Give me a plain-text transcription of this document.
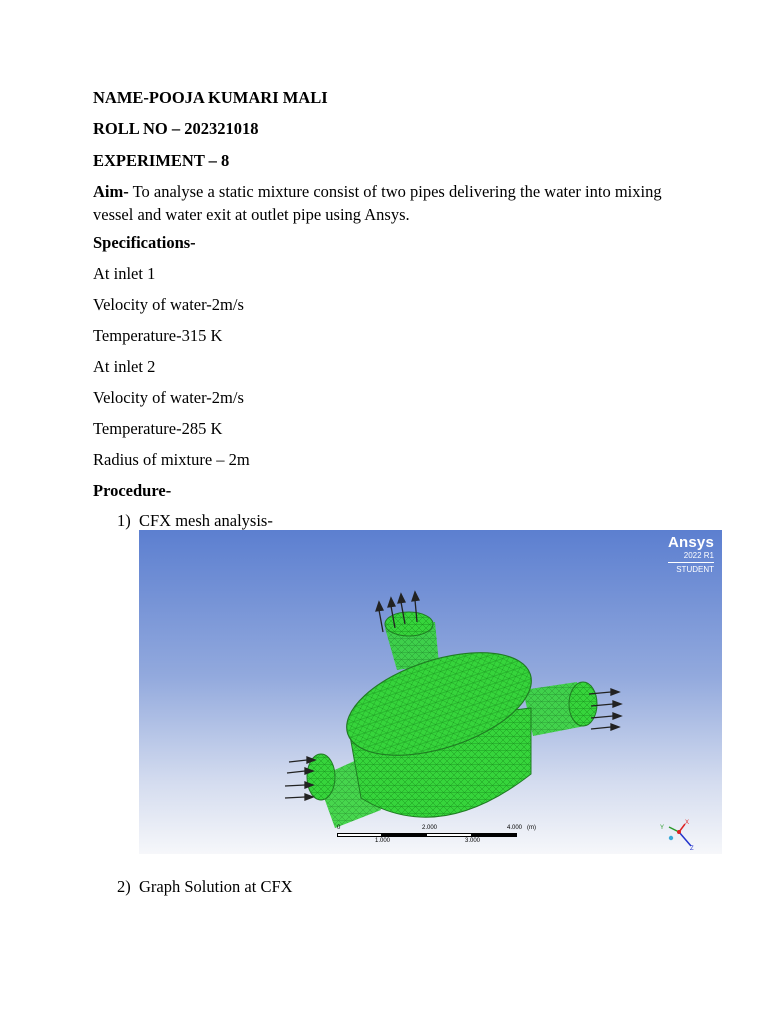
NAME-POOJA KUMARI MALI
ROLL NO – 202321018
EXPERIMENT – 8
Aim- To analyse a static mixture consist of two pipes delivering the water into mixing vessel and water exit at outlet pipe using Ansys.
Specifications-
At inlet 1
Velocity of water-2m/s
Temperature-315 K
At inlet 2
Velocity of water-2m/s
Temperature-285 K
Radius of mixture – 2m
Procedure-
1) CFX mesh analysis-
Y
X
Z
Ansys
2022 R1
STUDENT
0	2.000	4.000 (m)
1.000	3.000
2) Graph Solution at CFX
